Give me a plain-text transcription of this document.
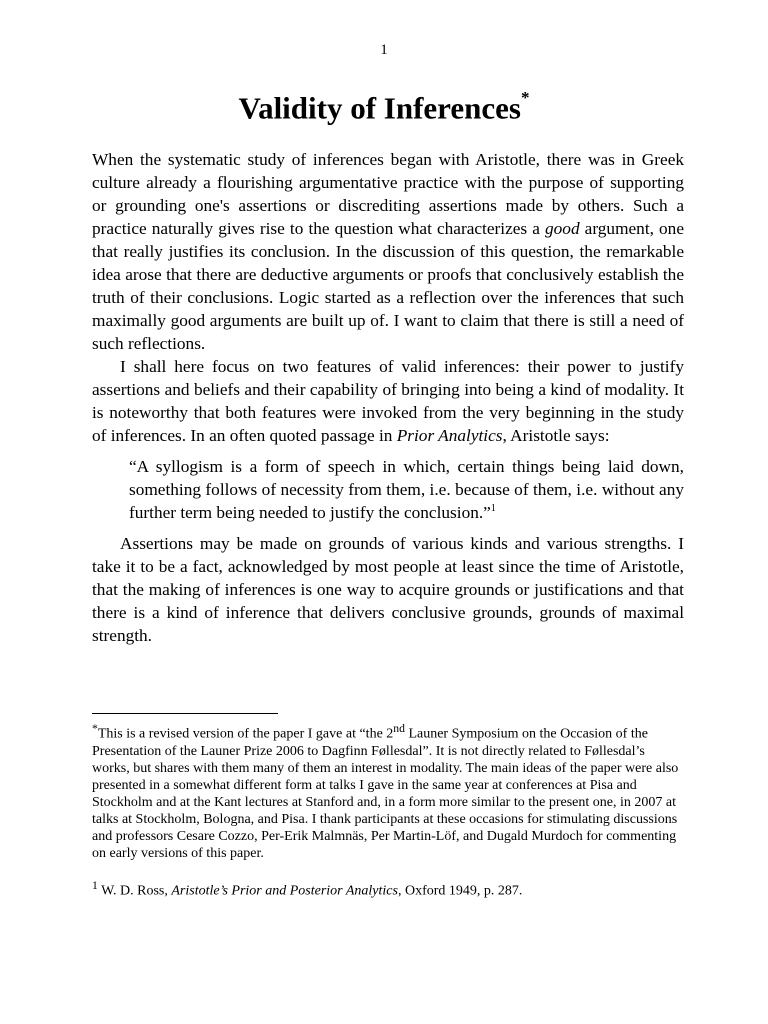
1
Validity of Inferences*

When the systematic study of inferences began with Aristotle, there was in Greek culture already a flourishing argumentative practice with the purpose of supporting or grounding one's assertions or discrediting assertions made by others. Such a practice naturally gives rise to the question what characterizes a good argument, one that really justifies its conclusion. In the discussion of this question, the remarkable idea arose that there are deductive arguments or proofs that conclusively establish the truth of their conclusions. Logic started as a reflection over the inferences that such maximally good arguments are built up of. I want to claim that there is still a need of such reflections.

I shall here focus on two features of valid inferences: their power to justify assertions and beliefs and their capability of bringing into being a kind of modality. It is noteworthy that both features were invoked from the very beginning in the study of inferences. In an often quoted passage in Prior Analytics, Aristotle says:

“A syllogism is a form of speech in which, certain things being laid down, something follows of necessity from them, i.e. because of them, i.e. without any further term being needed to justify the conclusion.”$^1$

Assertions may be made on grounds of various kinds and various strengths. I take it to be a fact, acknowledged by most people at least since the time of Aristotle, that the making of inferences is one way to acquire grounds or justifications and that there is a kind of inference that delivers conclusive grounds, grounds of maximal strength.

*This is a revised version of the paper I gave at “the 2nd Launer Symposium on the Occasion of the Presentation of the Launer Prize 2006 to Dagfinn Føllesdal”. It is not directly related to Føllesdal’s works, but shares with them many of them an interest in modality. The main ideas of the paper were also presented in a somewhat different form at talks I gave in the same year at conferences at Pisa and Stockholm and at the Kant lectures at Stanford and, in a form more similar to the present one, in 2007 at talks at Stockholm, Bologna, and Pisa. I thank participants at these occasions for stimulating discussions and professors Cesare Cozzo, Per-Erik Malmnäs, Per Martin-Löf, and Dugald Murdoch for commenting on early versions of this paper.

$^1$ W. D. Ross, Aristotle’s Prior and Posterior Analytics, Oxford 1949, p. 287.
